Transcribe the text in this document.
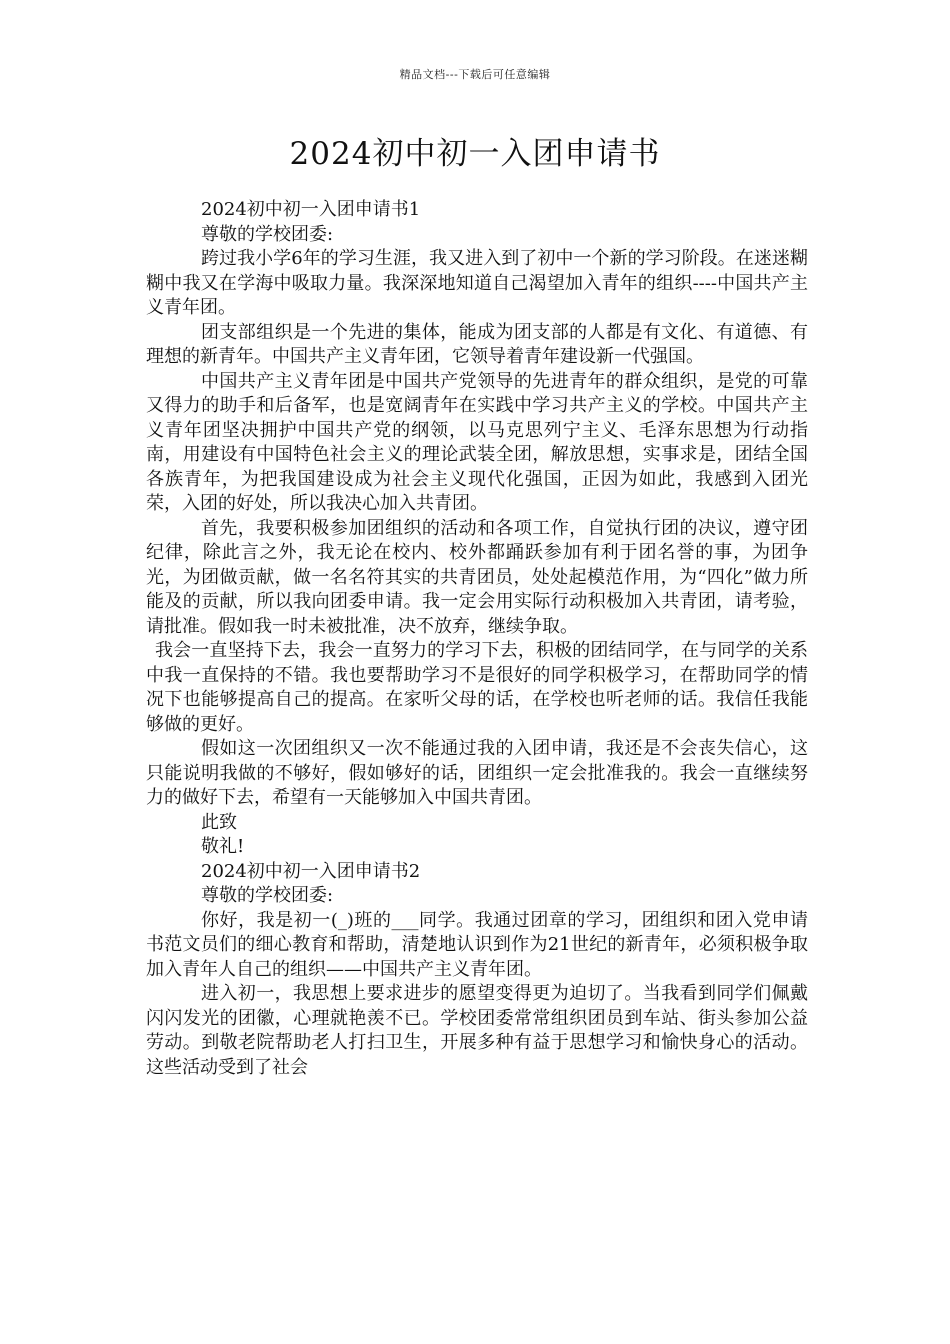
精品文档---下载后可任意编辑
2024初中初一入团申请书

2024初中初一入团申请书1

尊敬的学校团委:

跨过我小学6年的学习生涯，我又进入到了初中一个新的学习阶段。在迷迷糊糊中我又在学海中吸取力量。我深深地知道自己渴望加入青年的组织----中国共产主义青年团。

团支部组织是一个先进的集体，能成为团支部的人都是有文化、有道德、有理想的新青年。中国共产主义青年团，它领导着青年建设新一代强国。

中国共产主义青年团是中国共产党领导的先进青年的群众组织，是党的可靠又得力的助手和后备军，也是宽阔青年在实践中学习共产主义的学校。中国共产主义青年团坚决拥护中国共产党的纲领，以马克思列宁主义、毛泽东思想为行动指南，用建设有中国特色社会主义的理论武装全团，解放思想，实事求是，团结全国各族青年，为把我国建设成为社会主义现代化强国，正因为如此，我感到入团光荣，入团的好处，所以我决心加入共青团。

首先，我要积极参加团组织的活动和各项工作，自觉执行团的决议，遵守团纪律，除此言之外，我无论在校内、校外都踊跃参加有利于团名誉的事，为团争光，为团做贡献，做一名名符其实的共青团员，处处起模范作用，为“四化”做力所能及的贡献，所以我向团委申请。我一定会用实际行动积极加入共青团，请考验，请批准。假如我一时未被批准，决不放弃，继续争取。

我会一直坚持下去，我会一直努力的学习下去，积极的团结同学，在与同学的关系中我一直保持的不错。我也要帮助学习不是很好的同学积极学习，在帮助同学的情况下也能够提高自己的提高。在家听父母的话，在学校也听老师的话。我信任我能够做的更好。

假如这一次团组织又一次不能通过我的入团申请，我还是不会丧失信心，这只能说明我做的不够好，假如够好的话，团组织一定会批准我的。我会一直继续努力的做好下去，希望有一天能够加入中国共青团。

此致

敬礼!

2024初中初一入团申请书2

尊敬的学校团委:

你好，我是初一(_)班的___同学。我通过团章的学习，团组织和团入党申请书范文员们的细心教育和帮助，清楚地认识到作为21世纪的新青年，必须积极争取加入青年人自己的组织——中国共产主义青年团。

进入初一，我思想上要求进步的愿望变得更为迫切了。当我看到同学们佩戴闪闪发光的团徽，心理就艳羡不已。学校团委常常组织团员到车站、街头参加公益劳动。到敬老院帮助老人打扫卫生，开展多种有益于思想学习和愉快身心的活动。这些活动受到了社会
